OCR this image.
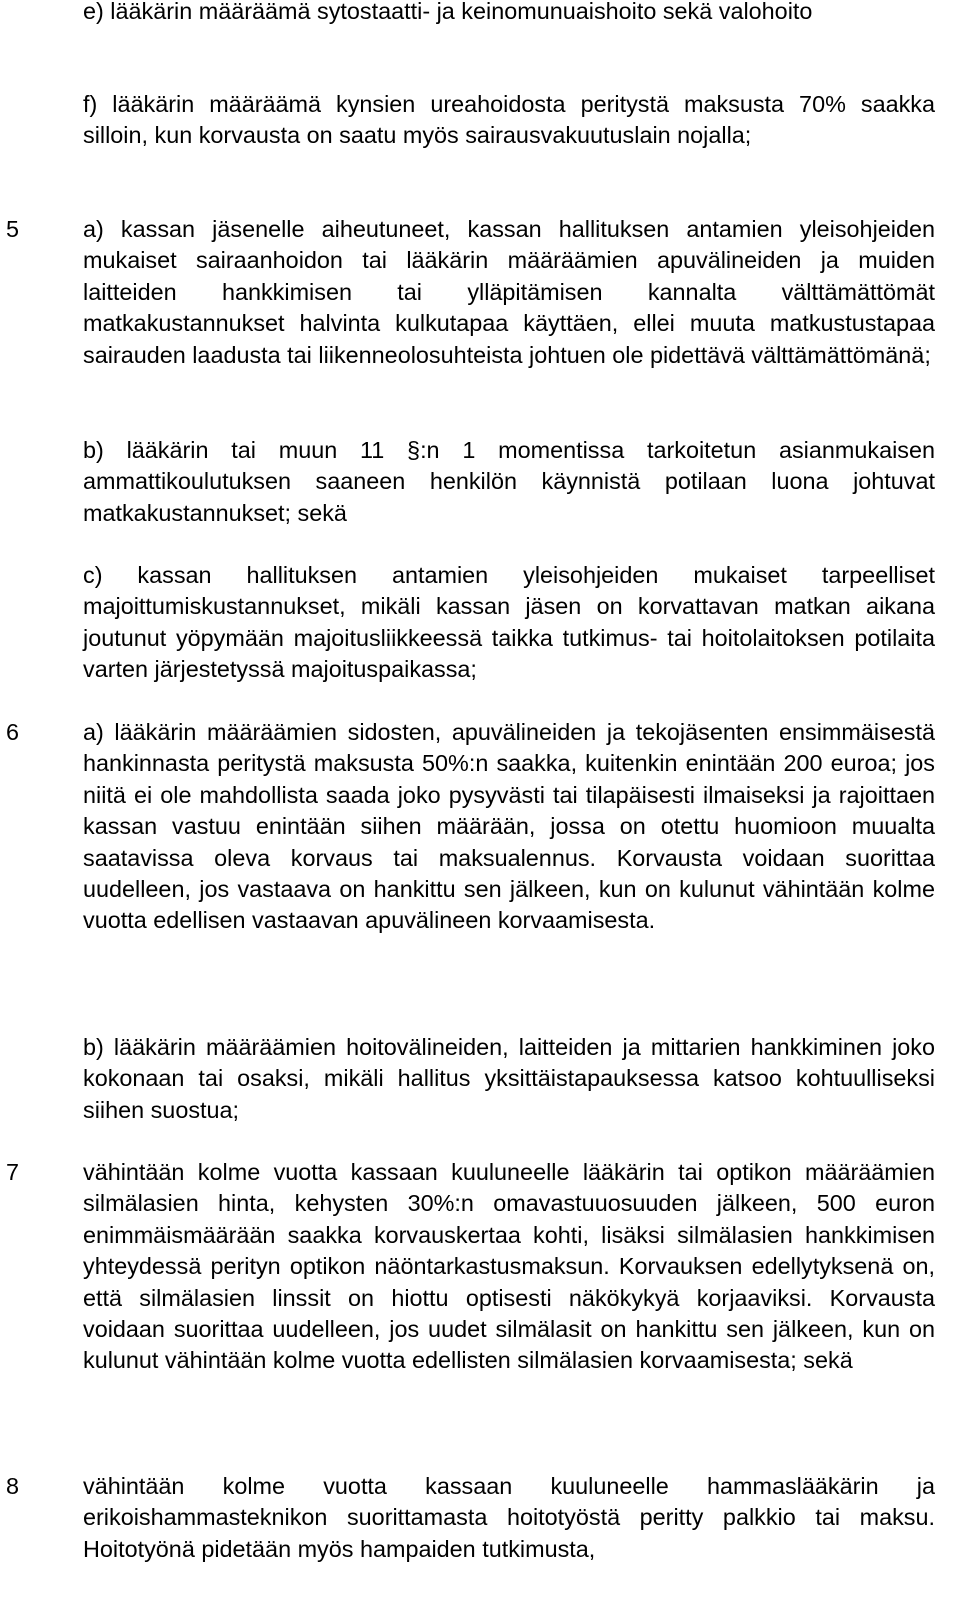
e) lääkärin määräämä sytostaatti- ja keinomunuaishoito sekä valohoito

f) lääkärin määräämä kynsien ureahoidosta peritystä maksusta 70% saakka silloin, kun korvausta on saatu myös sairausvakuutuslain nojalla;

5	a) kassan jäsenelle aiheutuneet, kassan hallituksen antamien yleisohjeiden mukaiset sairaanhoidon tai lääkärin määräämien apuvälineiden ja muiden laitteiden hankkimisen tai ylläpitämisen kannalta välttämättömät matkakustannukset halvinta kulkutapaa käyttäen, ellei muuta matkustustapaa sairauden laadusta tai liikenneolosuhteista johtuen ole pidettävä välttämättömänä;

b) lääkärin tai muun 11 §:n 1 momentissa tarkoitetun asianmukaisen ammattikoulutuksen saaneen henkilön käynnistä potilaan luona johtuvat matkakustannukset; sekä

c) kassan hallituksen antamien yleisohjeiden mukaiset tarpeelliset majoittumiskustannukset, mikäli kassan jäsen on korvattavan matkan aikana joutunut yöpymään majoitusliikkeessä taikka tutkimus- tai hoitolaitoksen potilaita varten järjestetyssä majoituspaikassa;

6	a) lääkärin määräämien sidosten, apuvälineiden ja tekojäsenten ensimmäisestä hankinnasta peritystä maksusta 50%:n saakka, kuitenkin enintään 200 euroa; jos niitä ei ole mahdollista saada joko pysyvästi tai tilapäisesti ilmaiseksi ja rajoittaen kassan vastuu enintään siihen määrään, jossa on otettu huomioon muualta saatavissa oleva korvaus tai maksualennus. Korvausta voidaan suorittaa uudelleen, jos vastaava on hankittu sen jälkeen, kun on kulunut vähintään kolme vuotta edellisen vastaavan apuvälineen korvaamisesta.

b) lääkärin määräämien hoitovälineiden, laitteiden ja mittarien hankkiminen joko kokonaan tai osaksi, mikäli hallitus yksittäistapauksessa katsoo kohtuulliseksi siihen suostua;

7	vähintään kolme vuotta kassaan kuuluneelle lääkärin tai optikon määräämien silmälasien hinta, kehysten 30%:n omavastuuosuuden jälkeen, 500 euron enimmäismäärään saakka korvauskertaa kohti, lisäksi silmälasien hankkimisen yhteydessä perityn optikon näöntarkastusmaksun. Korvauksen edellytyksenä on, että silmälasien linssit on hiottu optisesti näkökykyä korjaaviksi. Korvausta voidaan suorittaa uudelleen, jos uudet silmälasit on hankittu sen jälkeen, kun on kulunut vähintään kolme vuotta edellisten silmälasien korvaamisesta; sekä

8	vähintään kolme vuotta kassaan kuuluneelle hammaslääkärin ja erikoishammasteknikon suorittamasta hoitotyöstä peritty palkkio tai maksu. Hoitotyönä pidetään myös hampaiden tutkimusta,
